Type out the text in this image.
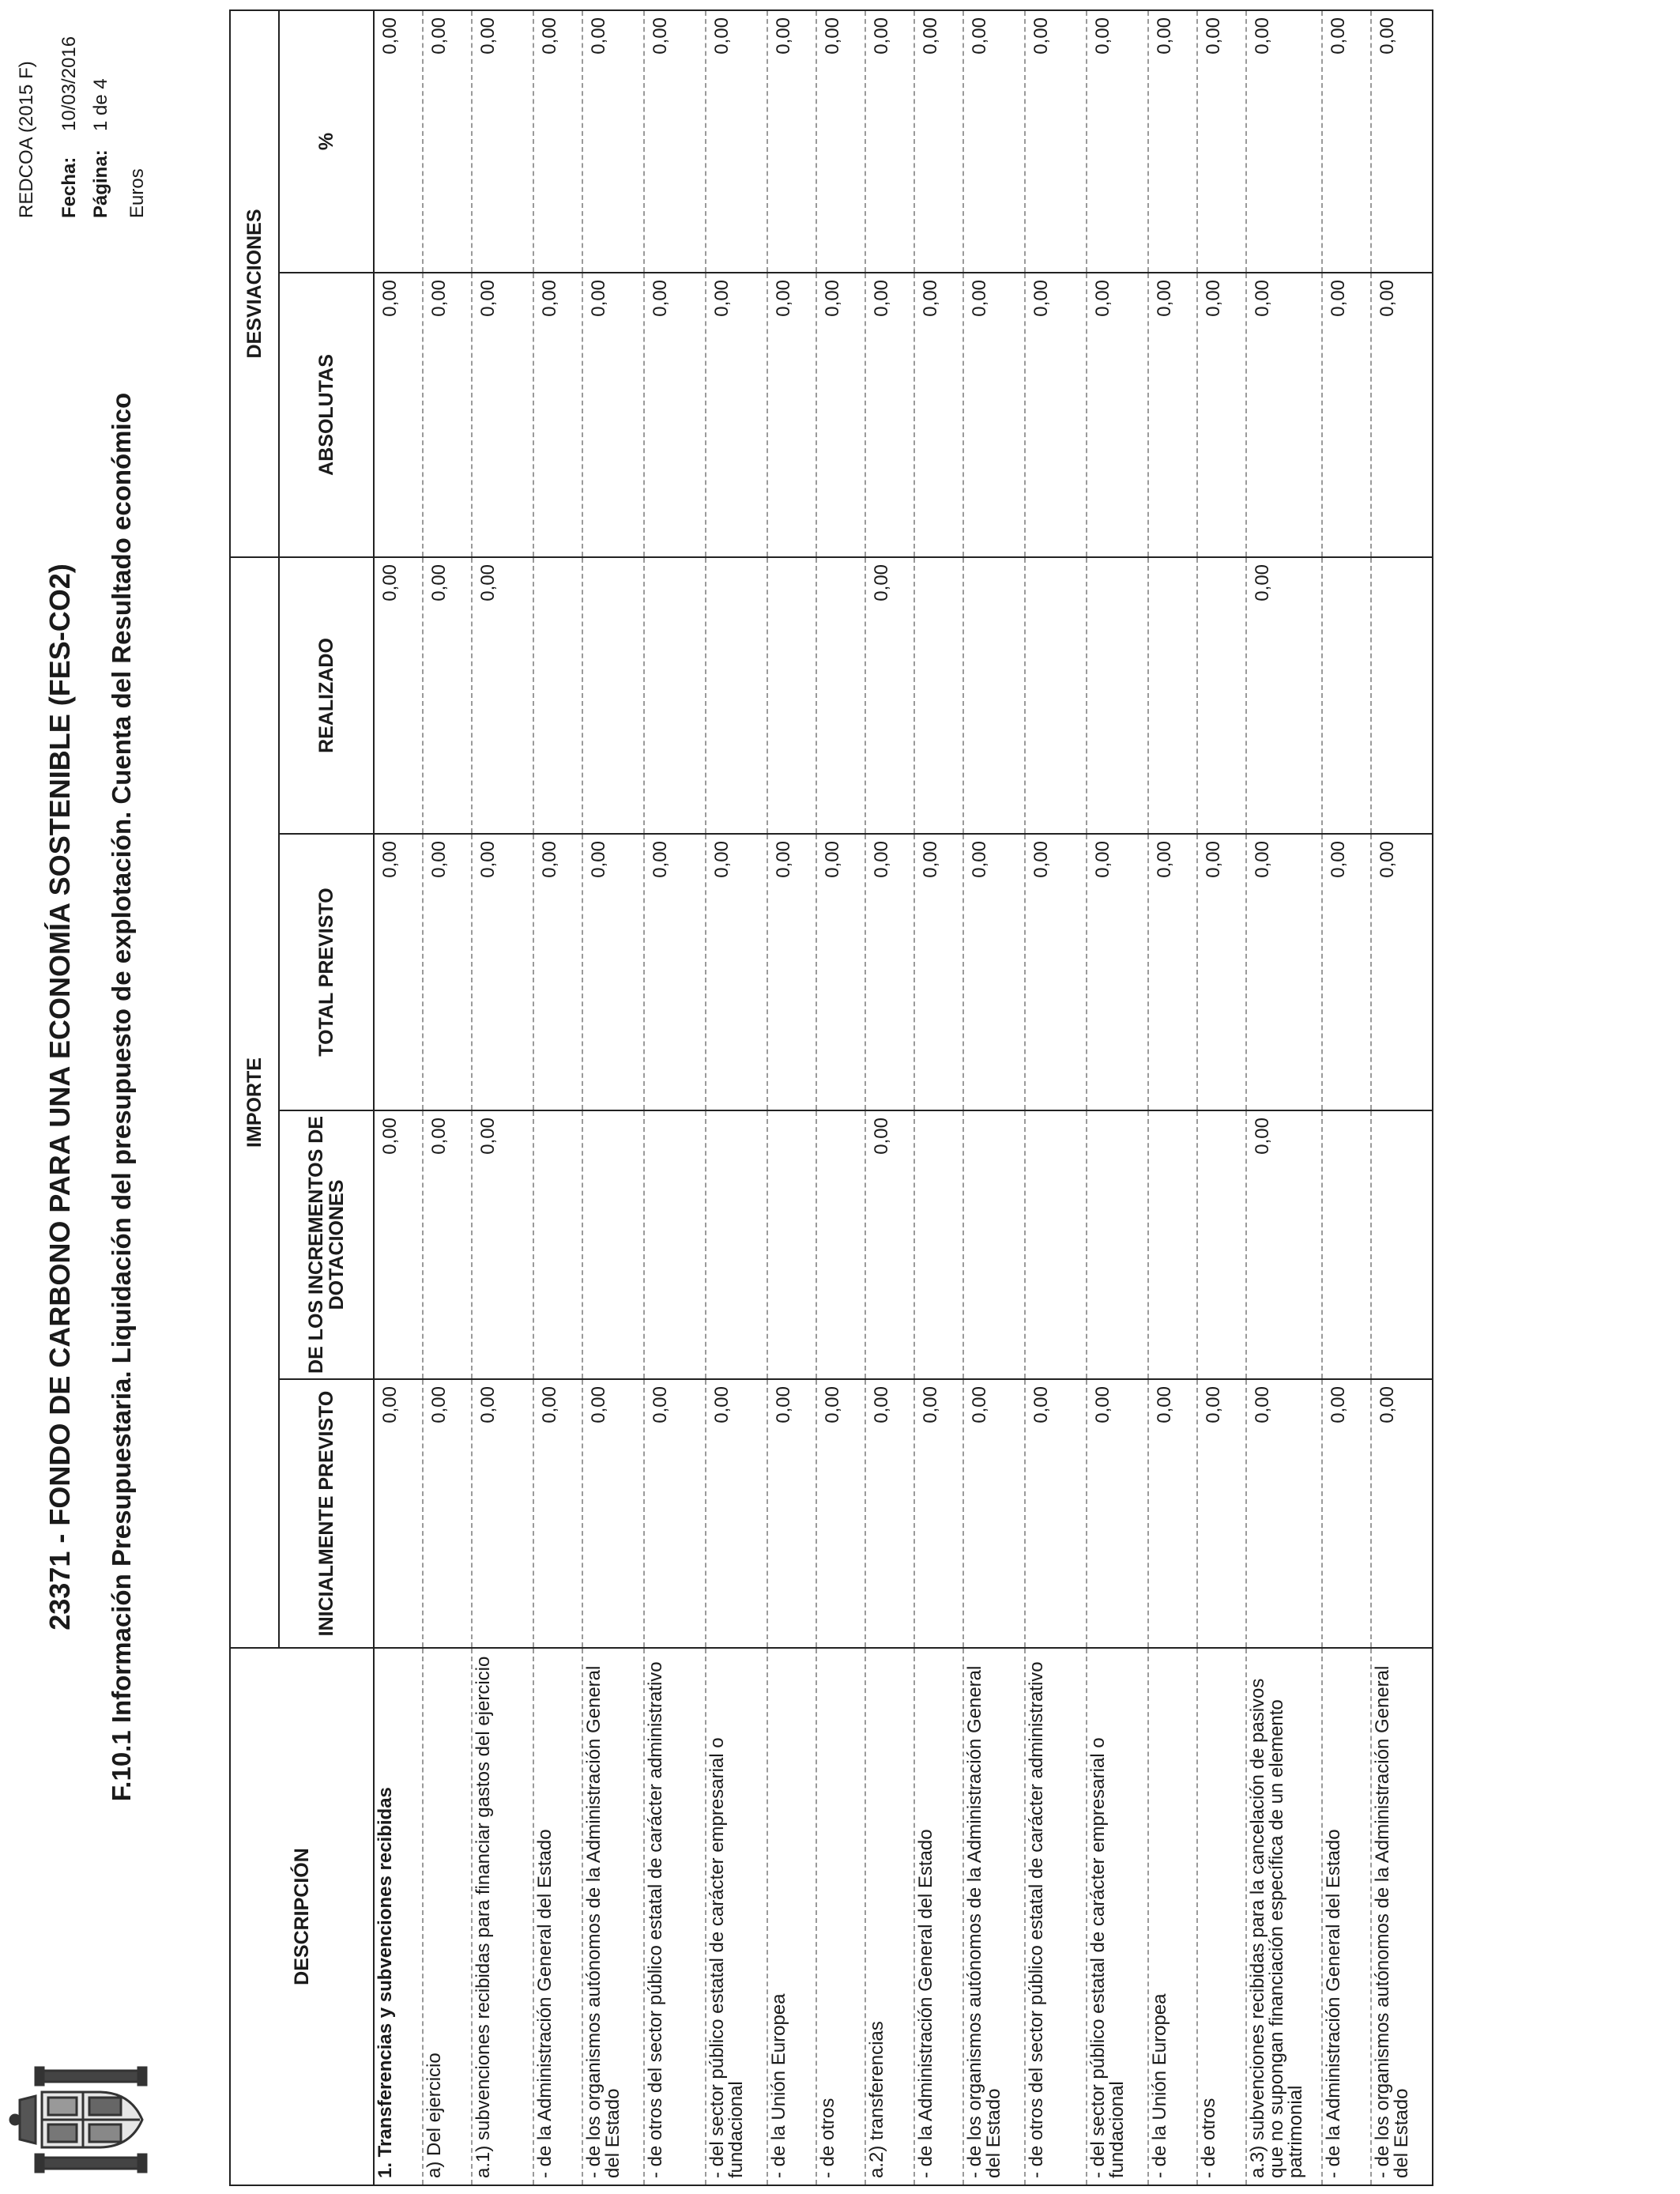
REDCOA (2015 F) Fecha:
10/03/2016
Página:
1 de 4
Euros
23371 - FONDO DE CARBONO PARA UNA ECONOMÍA SOSTENIBLE (FES-CO2) F.10.1 Información Presupuestaria. Liquidación del presupuesto de explotación. Cuenta del Resultado económico
DESCRIPCIÓN	IMPORTE				DESVIACIONES	
	INICIALMENTE PREVISTO	DE LOS INCREMENTOS DE DOTACIONES	TOTAL PREVISTO	REALIZADO	ABSOLUTAS	%
1. Transferencias y subvenciones recibidas	0,00	0,00	0,00	0,00	0,00	0,00
a) Del ejercicio	0,00	0,00	0,00	0,00	0,00	0,00
a.1) subvenciones recibidas para financiar gastos del ejercicio	0,00	0,00	0,00	0,00	0,00	0,00
- de la Administración General del Estado	0,00		0,00		0,00	0,00
- de los organismos autónomos de la Administración General del Estado	0,00		0,00		0,00	0,00
- de otros del sector público estatal de carácter administrativo	0,00		0,00		0,00	0,00
- del sector público estatal de carácter empresarial o fundacional	0,00		0,00		0,00	0,00
- de la Unión Europea	0,00		0,00		0,00	0,00
- de otros	0,00		0,00		0,00	0,00
a.2) transferencias	0,00	0,00	0,00	0,00	0,00	0,00
- de la Administración General del Estado	0,00		0,00		0,00	0,00
- de los organismos autónomos de la Administración General del Estado	0,00		0,00		0,00	0,00
- de otros del sector público estatal de carácter administrativo	0,00		0,00		0,00	0,00
- del sector público estatal de carácter empresarial o fundacional	0,00		0,00		0,00	0,00
- de la Unión Europea	0,00		0,00		0,00	0,00
- de otros	0,00		0,00		0,00	0,00
a.3) subvenciones recibidas para la cancelación de pasivos que no supongan financiación específica de un elemento patrimonial	0,00	0,00	0,00	0,00	0,00	0,00
- de la Administración General del Estado	0,00		0,00		0,00	0,00
- de los organismos autónomos de la Administración General del Estado	0,00		0,00		0,00	0,00
